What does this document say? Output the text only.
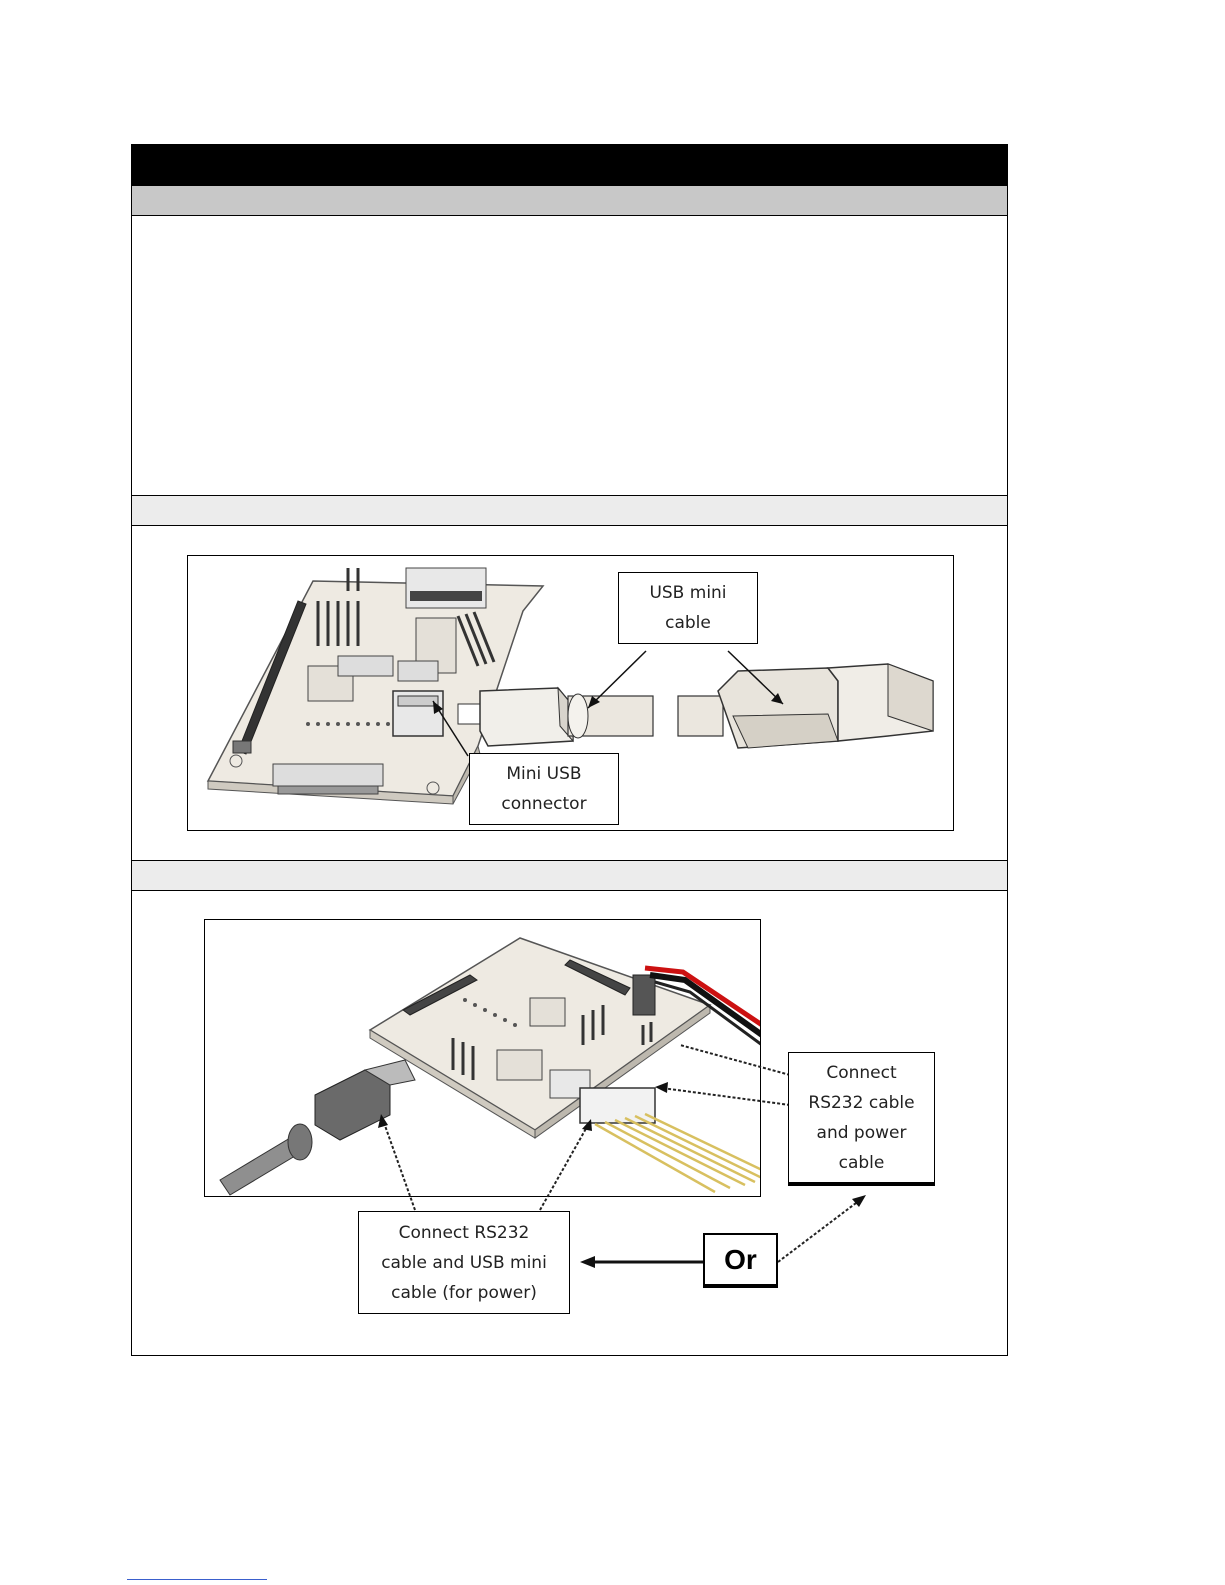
USB mini
cable
Mini USB
connector
Connect
RS232 cable
and power
cable
Connect RS232
cable and USB mini
cable (for power)
Or
